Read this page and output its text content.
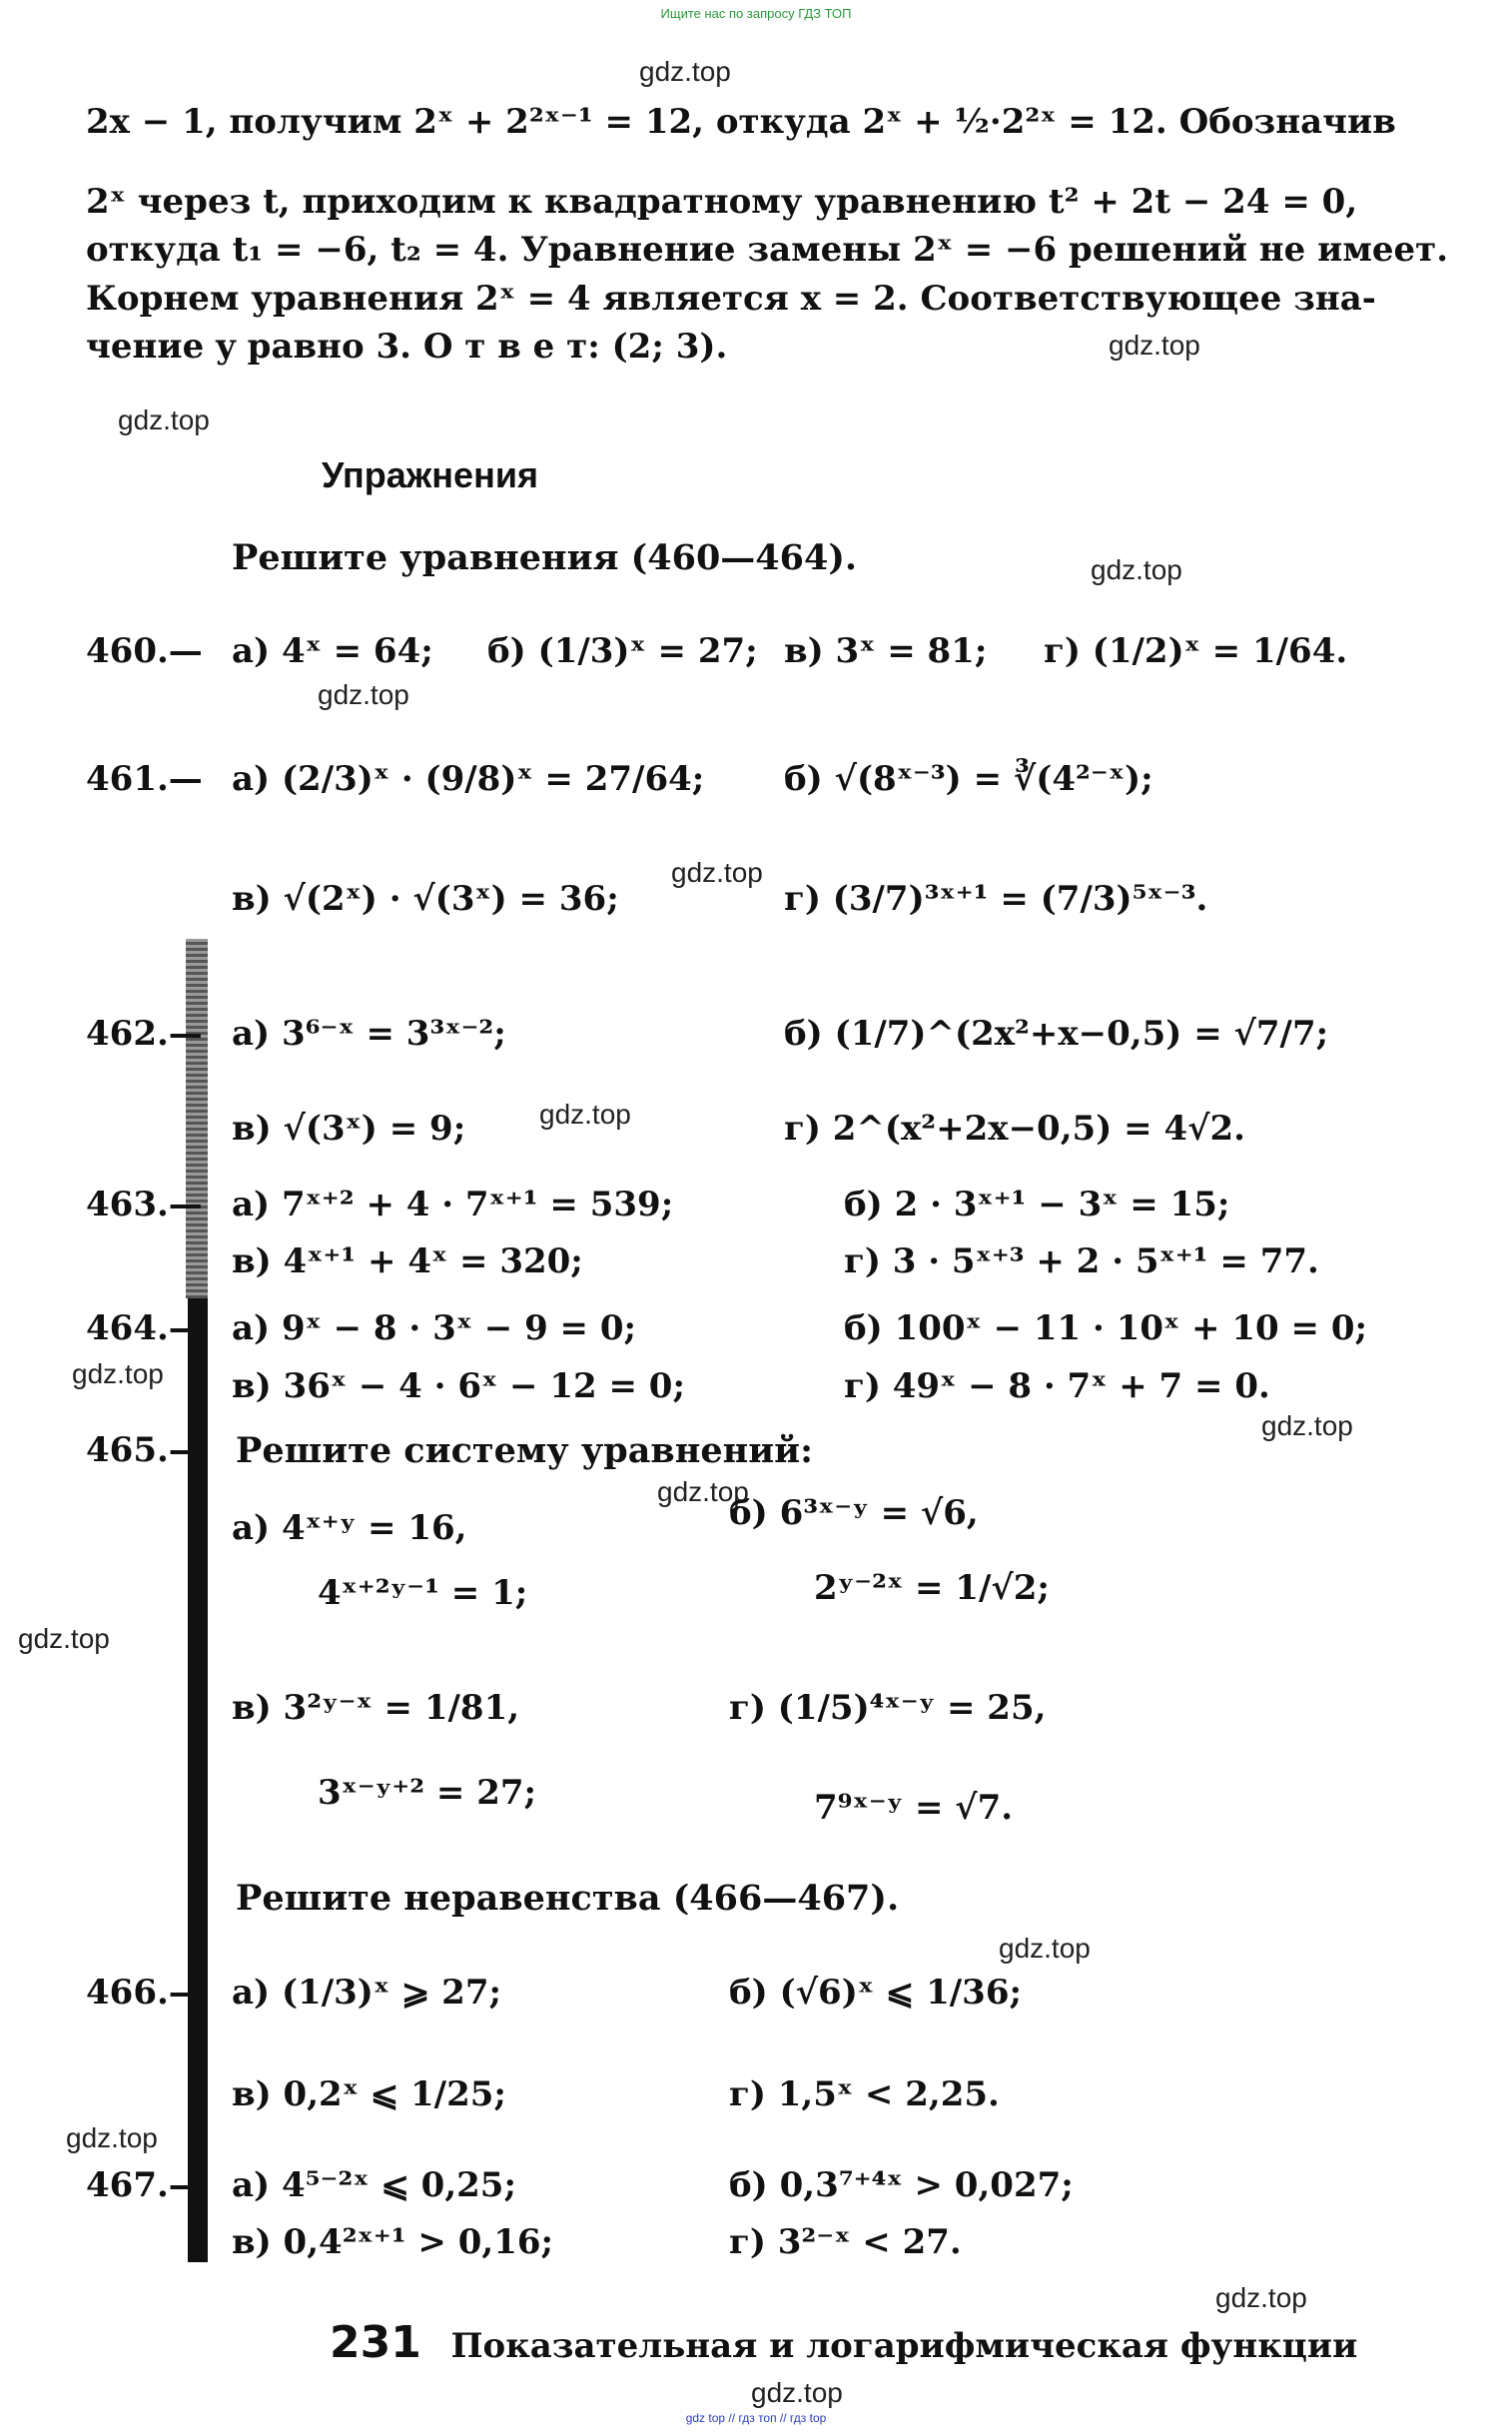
Ищите нас по запросу ГДЗ ТОП
gdz.top
gdz.top
gdz.top
gdz.top
gdz.top
gdz.top
gdz.top
gdz.top
gdz.top
gdz.top
gdz.top
gdz.top
gdz.top
gdz.top
gdz.top
2x − 1, получим 2ˣ + 2²ˣ⁻¹ = 12, откуда 2ˣ + ½·2²ˣ = 12. Обозначив
2ˣ через t, приходим к квадратному уравнению t² + 2t − 24 = 0,
откуда t₁ = −6, t₂ = 4. Уравнение замены 2ˣ = −6 решений не имеет.
Корнем уравнения 2ˣ = 4 является x = 2. Соответствующее зна-
чение y равно 3. О т в е т: (2; 3).
Упражнения
Решите уравнения (460—464).
460.— а) 4ˣ = 64; б) (1/3)ˣ = 27; в) 3ˣ = 81; г) (1/2)ˣ = 1/64.
461.— а) (2/3)ˣ · (9/8)ˣ = 27/64; б) √(8ˣ⁻³) = ∛(4²⁻ˣ);
в) √(2ˣ) · √(3ˣ) = 36;	г) (3/7)³ˣ⁺¹ = (7/3)⁵ˣ⁻³.
462.— а) 3⁶⁻ˣ = 3³ˣ⁻²;	б) (1/7)^(2x²+x−0,5) = √7/7;
в) √(3ˣ) = 9;	г) 2^(x²+2x−0,5) = 4√2.
463.— а) 7ˣ⁺² + 4 · 7ˣ⁺¹ = 539;	б) 2 · 3ˣ⁺¹ − 3ˣ = 15;
в) 4ˣ⁺¹ + 4ˣ = 320;	г) 3 · 5ˣ⁺³ + 2 · 5ˣ⁺¹ = 77.
464.— а) 9ˣ − 8 · 3ˣ − 9 = 0;	б) 100ˣ − 11 · 10ˣ + 10 = 0;
в) 36ˣ − 4 · 6ˣ − 12 = 0;	г) 49ˣ − 8 · 7ˣ + 7 = 0.
465.— Решите систему уравнений:
а) 4ˣ⁺ʸ = 16,
4ˣ⁺²ʸ⁻¹ = 1;
б) 6³ˣ⁻ʸ = √6,
2ʸ⁻²ˣ = 1/√2;
в) 3²ʸ⁻ˣ = 1/81,
3ˣ⁻ʸ⁺² = 27;
г) (1/5)⁴ˣ⁻ʸ = 25,
7⁹ˣ⁻ʸ = √7.
Решите неравенства (466—467).
466.— а) (1/3)ˣ ⩾ 27;	б) (√6)ˣ ⩽ 1/36;
в) 0,2ˣ ⩽ 1/25;	г) 1,5ˣ < 2,25.
467.— а) 4⁵⁻²ˣ ⩽ 0,25;	б) 0,3⁷⁺⁴ˣ > 0,027;
в) 0,4²ˣ⁺¹ > 0,16;	г) 3²⁻ˣ < 27.
231 Показательная и логарифмическая функции
gdz top // гдз топ // гдз top
